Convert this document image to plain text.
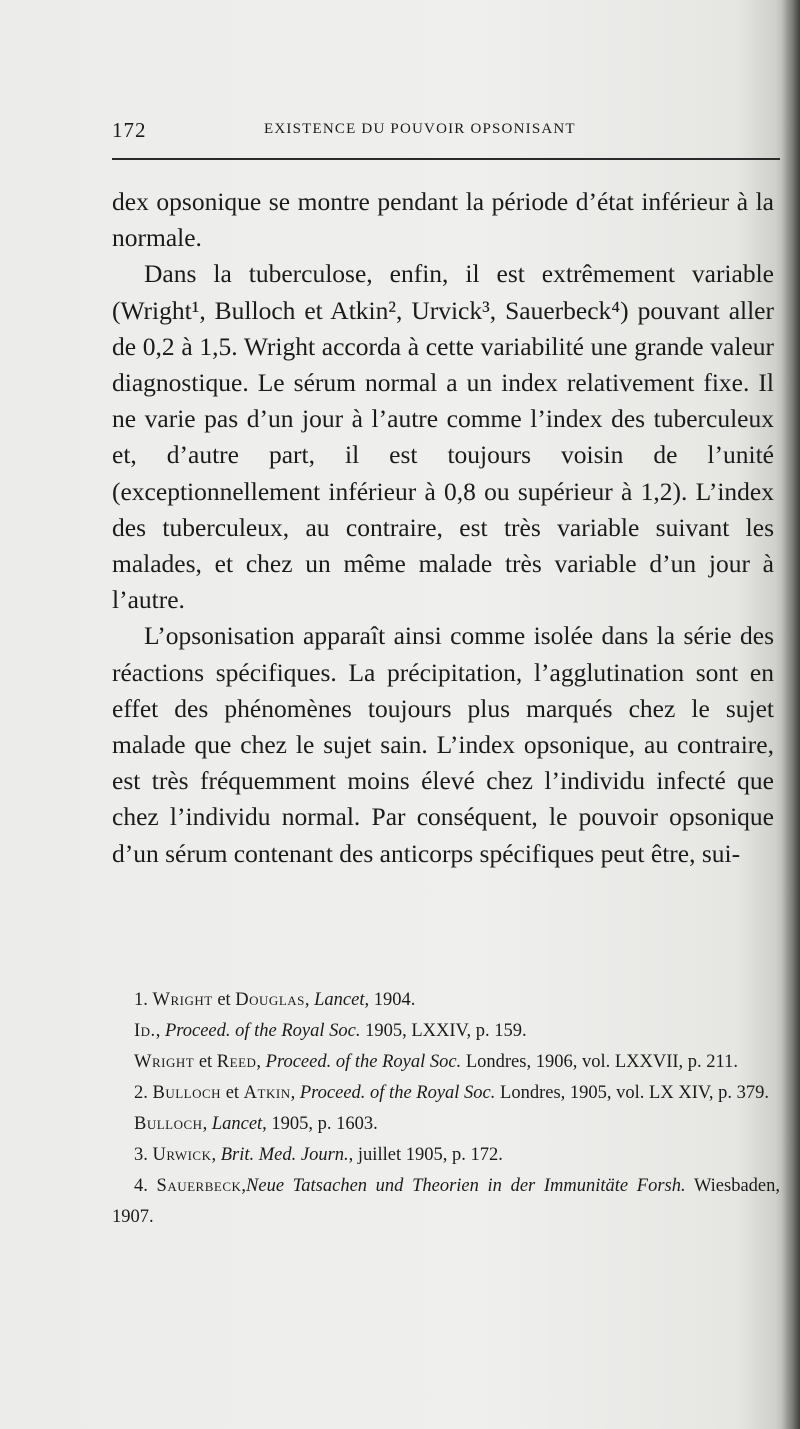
172	EXISTENCE DU POUVOIR OPSONISANT

dex opsonique se montre pendant la période d’état inférieur à la normale.

Dans la tuberculose, enfin, il est extrêmement variable (Wright¹, Bulloch et Atkin², Urvick³, Sauerbeck⁴) pouvant aller de 0,2 à 1,5. Wright accorda à cette variabilité une grande valeur diagnostique. Le sérum normal a un index relativement fixe. Il ne varie pas d’un jour à l’autre comme l’index des tuberculeux et, d’autre part, il est toujours voisin de l’unité (exceptionnellement inférieur à 0,8 ou supérieur à 1,2). L’index des tuberculeux, au contraire, est très variable suivant les malades, et chez un même malade très variable d’un jour à l’autre.

L’opsonisation apparaît ainsi comme isolée dans la série des réactions spécifiques. La précipitation, l’agglutination sont en effet des phénomènes toujours plus marqués chez le sujet malade que chez le sujet sain. L’index opsonique, au contraire, est très fréquemment moins élevé chez l’individu infecté que chez l’individu normal. Par conséquent, le pouvoir opsonique d’un sérum contenant des anticorps spécifiques peut être, sui-

1. Wright et Douglas, Lancet, 1904.

Id., Proceed. of the Royal Soc. 1905, LXXIV, p. 159.

Wright et Reed, Proceed. of the Royal Soc. Londres, 1906, vol. LXXVII, p. 211.

2. Bulloch et Atkin, Proceed. of the Royal Soc. Londres, 1905, vol. LX XIV, p. 379.

Bulloch, Lancet, 1905, p. 1603.

3. Urwick, Brit. Med. Journ., juillet 1905, p. 172.

4. Sauerbeck,Neue Tatsachen und Theorien in der Immunitäte Forsh. Wiesbaden, 1907.
